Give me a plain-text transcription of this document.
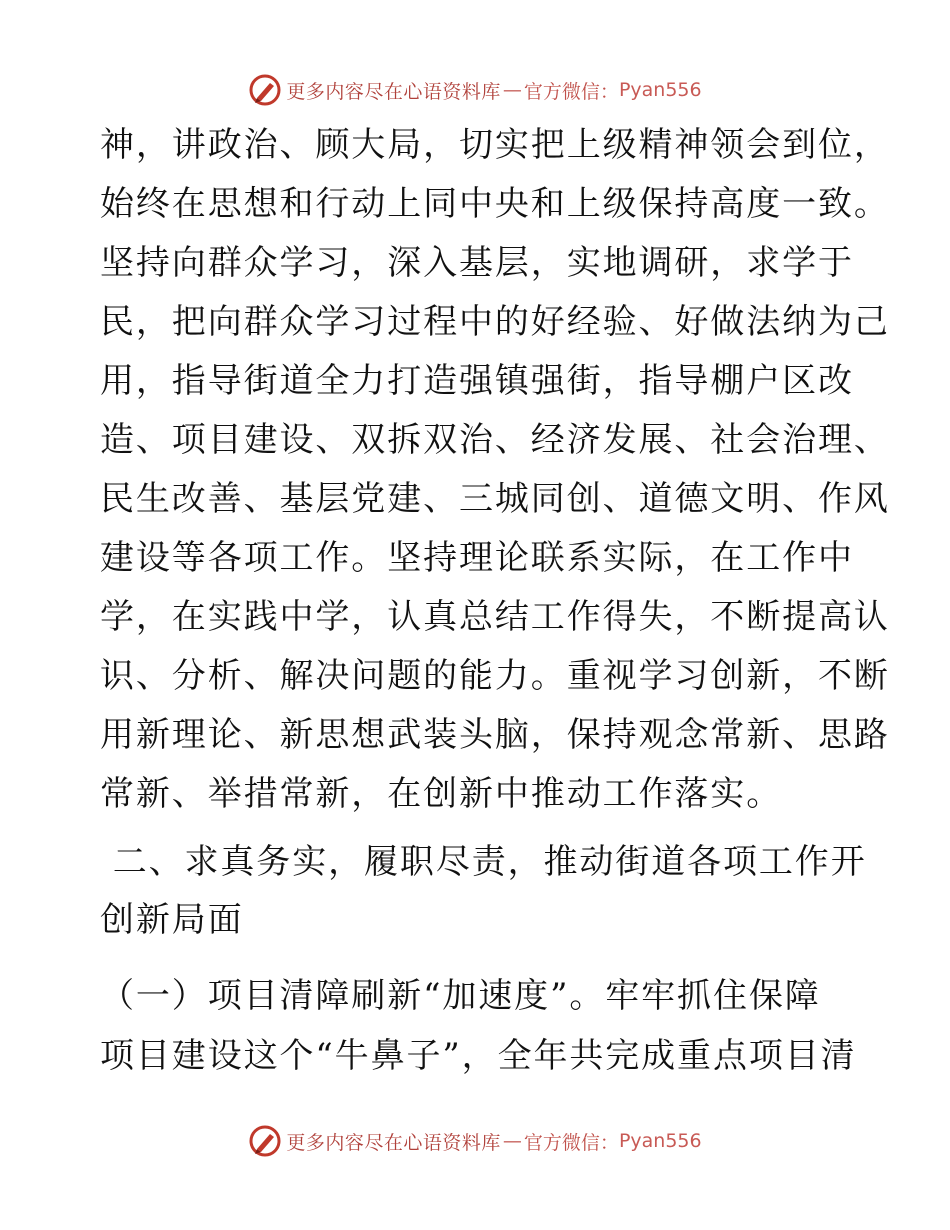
更多内容尽在心语资料库 — 官方微信： Pyan556
神，讲政治、顾大局，切实把上级精神领会到位，
始终在思想和行动上同中央和上级保持高度一致。
坚持向群众学习，深入基层，实地调研，求学于
民，把向群众学习过程中的好经验、好做法纳为己
用，指导街道全力打造强镇强街，指导棚户区改
造、项目建设、双拆双治、经济发展、社会治理、
民生改善、基层党建、三城同创、道德文明、作风
建设等各项工作。坚持理论联系实际，在工作中
学，在实践中学，认真总结工作得失，不断提高认
识、分析、解决问题的能力。重视学习创新，不断
用新理论、新思想武装头脑，保持观念常新、思路
常新、举措常新，在创新中推动工作落实。
二、求真务实，履职尽责，推动街道各项工作开
创新局面
（一）项目清障刷新“加速度”。牢牢抓住保障
项目建设这个“牛鼻子”，全年共完成重点项目清
更多内容尽在心语资料库 — 官方微信： Pyan556
